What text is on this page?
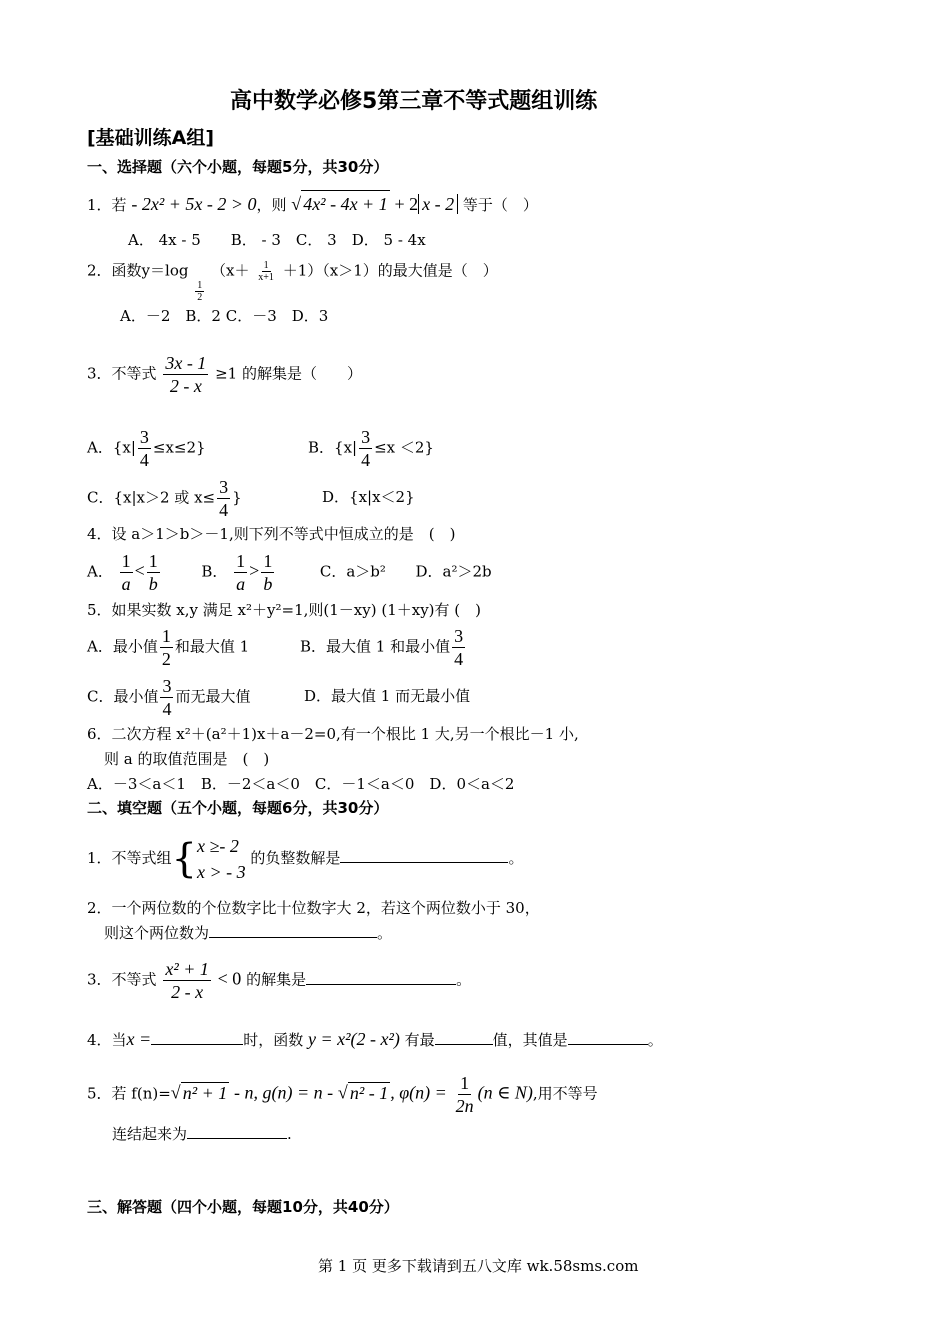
高中数学必修5第三章不等式题组训练
[基础训练A组]
一、选择题（六个小题，每题5分，共30分）
1．若 - 2x² + 5x - 2 > 0，则 √ 4x² - 4x + 1 + 2 x - 2 等于（　）
A． 4x - 5　　B． - 3　C． 3　D． 5 - 4x
2．函数y＝log
$\frac{1}{2}$
$(x+ \frac{1}{x+1} +1)(x>1)$的最大值是（　）
A．－2　B．2 C．－3　D．3
3．不等式 $\frac{3x - 1}{2 - x} \ge 1$ 的解集是（　　）
A．$\{x| \frac{3}{4} \le x\le 2\}$	B．$\{x| \frac{3}{4} \le x <2\}$
C．{x|x＞2 或 $x\le \frac{3}{4}$ }	D．{x|x＜2}
4．设 a＞1＞b＞－1,则下列不等式中恒成立的是　(　)
A． $\frac{1}{a} < \frac{1}{b}$	B． $\frac{1}{a} > \frac{1}{b}$	C．a＞b² D．a²＞2b
5．如果实数 x,y 满足 x²＋y²=1,则(1－xy) (1＋xy)有 (　)
A．最小值 $\frac{1}{2}$ 和最大值 1	B．最大值 1 和最小值 $\frac{3}{4}$
C．最小值 $\frac{3}{4}$ 而无最大值	D．最大值 1 而无最小值
6．二次方程 x²＋(a²＋1)x＋a－2=0,有一个根比 1 大,另一个根比－1 小,
则 a 的取值范围是　(　)
A．－3＜a＜1　B．－2＜a＜0　C．－1＜a＜0　D．0＜a＜2
二、填空题（五个小题，每题6分，共30分）
1．不等式组{ x ≥- 2
x > - 3
的负整数解是	。
2．一个两位数的个位数字比十位数字大 2，若这个两位数小于 30，
则这个两位数为	。
3．不等式 $\frac{\text{x² + 1}}{2 - x} < 0$ 的解集是	。
4．当x =	时，函数 y = x²(2 - x²) 有最	值，其值是	。
5．若 f(n)=√ n² + 1 - n, g(n) = n - √ n² - 1 , $\varphi(n) = \frac{1}{2n} (n$ ∈ N),用不等号
连结起来为	.
三、解答题（四个小题，每题10分，共40分）
第 1 页 更多下载请到五八文库 wk.58sms.com
